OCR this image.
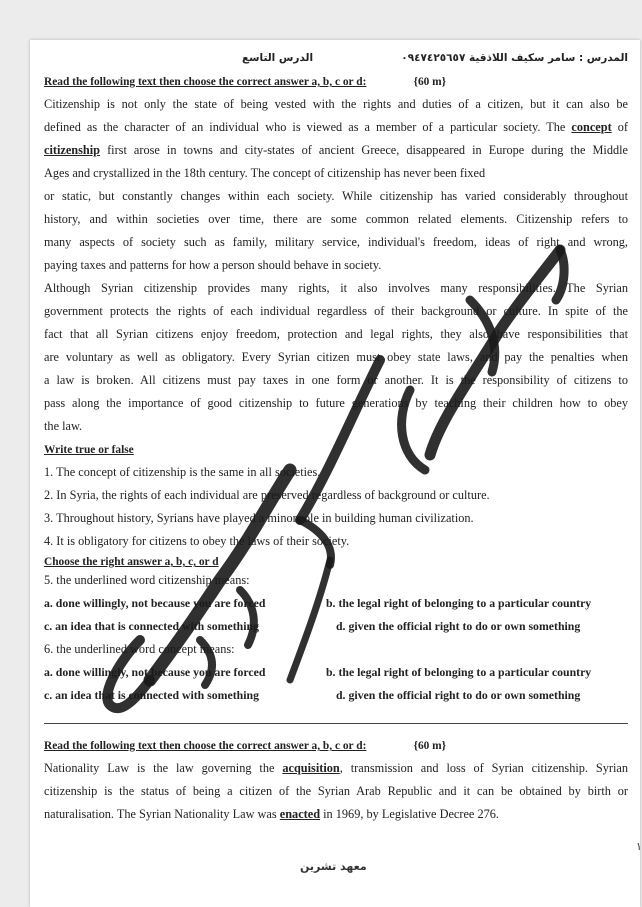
المدرس : سامر سكيف اللاذقية ٠٩٤٧٤٢٥٦٥٧
الدرس التاسع
Read the following text then choose the correct answer a, b, c or d:	{60 m}
Citizenship is not only the state of being vested with the rights and duties of a citizen, but it can also be
defined as the character of an individual who is viewed as a member of a particular society. The concept of
citizenship first arose in towns and city-states of ancient Greece, disappeared in Europe during the Middle
Ages and crystallized in the 18th century. The concept of citizenship has never been fixed
or static, but constantly changes within each society. While citizenship has varied considerably throughout
history, and within societies over time, there are some common related elements. Citizenship refers to
many aspects of society such as family, military service, individual's freedom, ideas of right and wrong,
paying taxes and patterns for how a person should behave in society.
Although Syrian citizenship provides many rights, it also involves many responsibilities. The Syrian
government protects the rights of each individual regardless of their background or culture. In spite of the
fact that all Syrian citizens enjoy freedom, protection and legal rights, they also have responsibilities that
are voluntary as well as obligatory. Every Syrian citizen must obey state laws, and pay the penalties when
a law is broken. All citizens must pay taxes in one form or another. It is the responsibility of citizens to
pass along the importance of good citizenship to future generations by teaching their children how to obey
the law.
Write true or false
1. The concept of citizenship is the same in all societies.
2. In Syria, the rights of each individual are preserved regardless of background or culture.
3. Throughout history, Syrians have played a minor role in building human civilization.
4. It is obligatory for citizens to obey the laws of their society.
Choose the right answer a, b, c, or d
5. the underlined word citizenship means:
a. done willingly, not because you are forced	b. the legal right of belonging to a particular country
c. an idea that is connected with something	d. given the official right to do or own something
6. the underlined word concept means:
a. done willingly, not because you are forced	b. the legal right of belonging to a particular country
c. an idea that is connected with something	d. given the official right to do or own something
Read the following text then choose the correct answer a, b, c or d:	{60 m}
Nationality Law is the law governing the acquisition, transmission and loss of Syrian citizenship. Syrian
citizenship is the status of being a citizen of the Syrian Arab Republic and it can be obtained by birth or
naturalisation. The Syrian Nationality Law was enacted in 1969, by Legislative Decree 276.
١
معهد تشرين
